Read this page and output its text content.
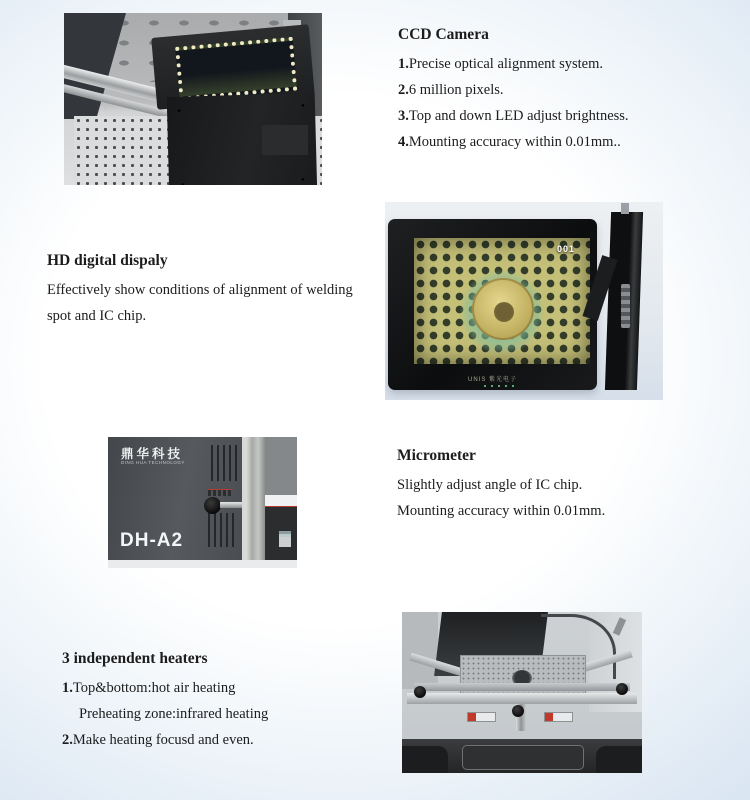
CCD Camera
1.Precise optical alignment system.
2.6 million pixels.
3.Top and down LED adjust brightness.
4.Mounting accuracy within 0.01mm..
HD digital dispaly
Effectively show conditions of alignment of welding
spot and IC chip.
001
UNIS 紫光电子
鼎华科技
DING HUA TECHNOLOGY
DH-A2
Micrometer
Slightly adjust angle of IC chip.
Mounting accuracy within 0.01mm.
3 independent heaters
1.Top&bottom:hot air heating
Preheating zone:infrared heating
2.Make heating focusd and even.
